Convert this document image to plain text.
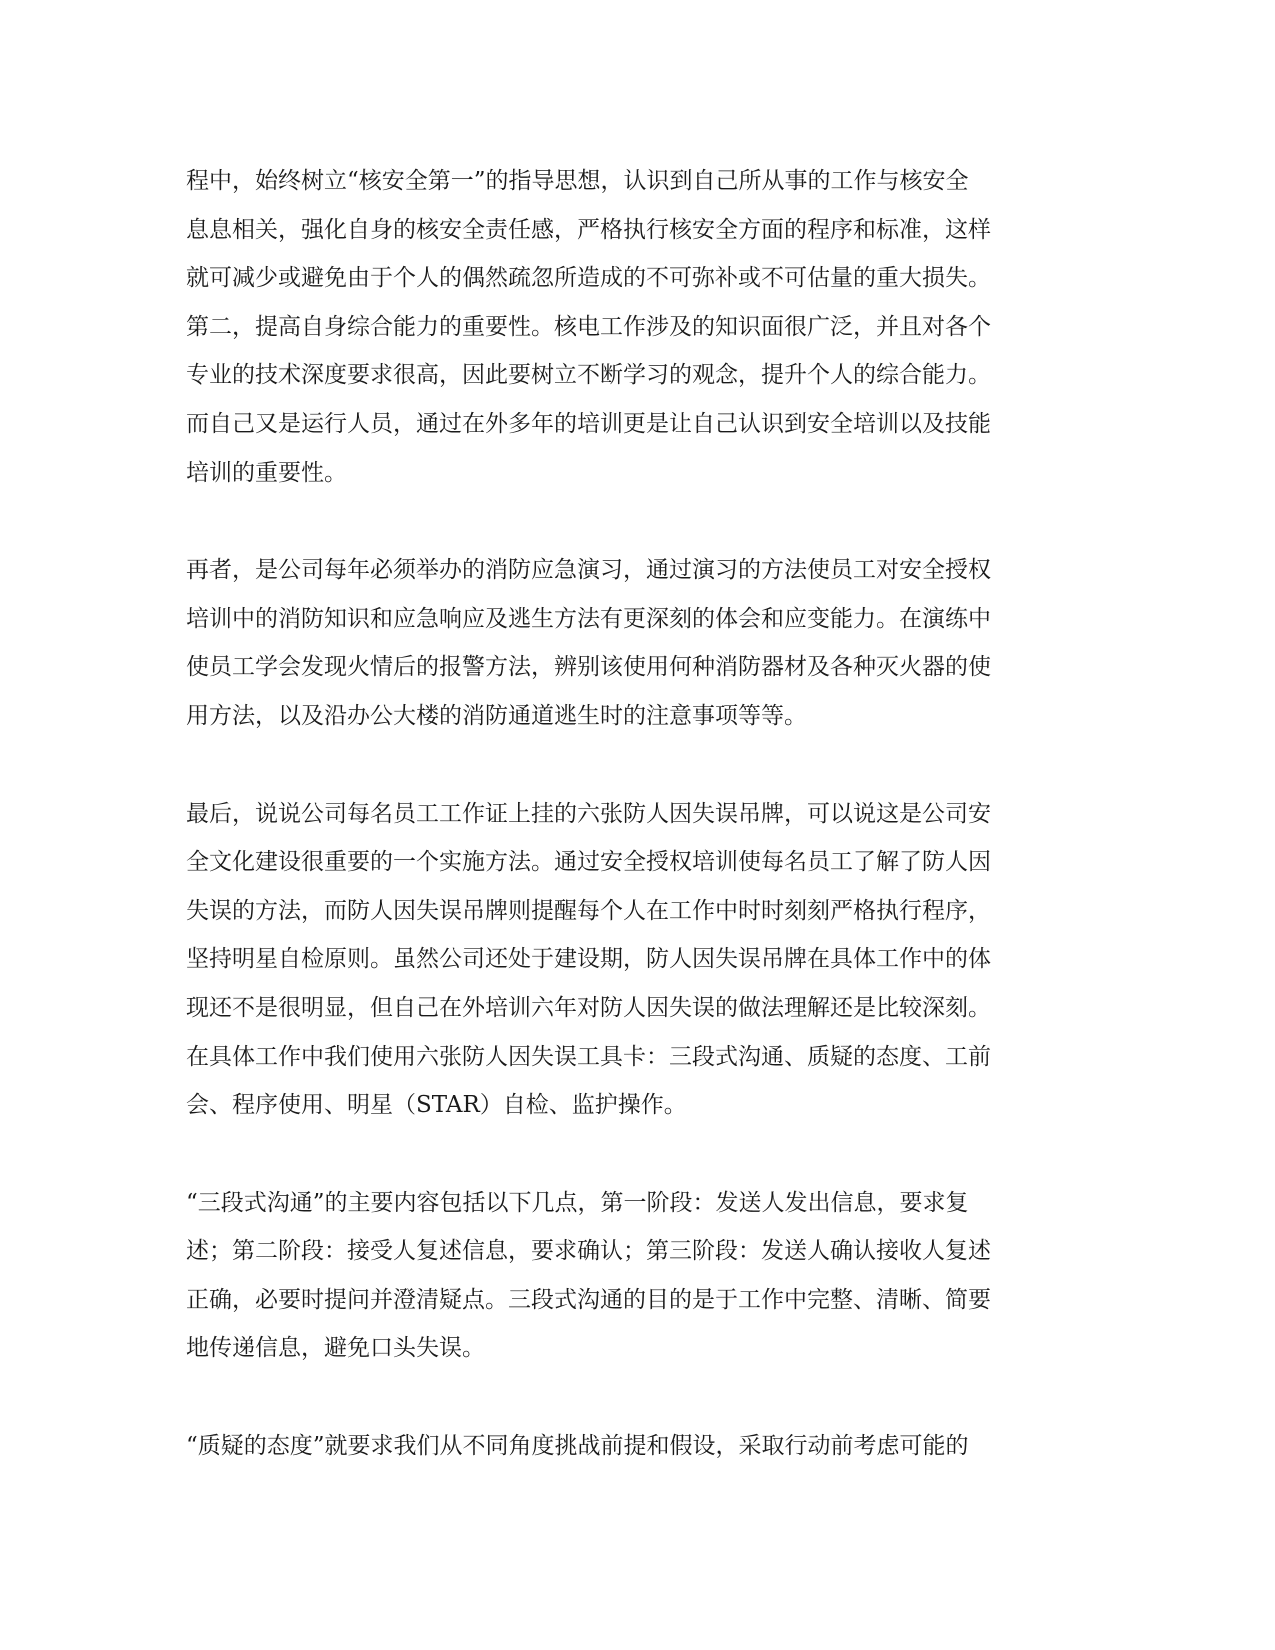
程中，始终树立“核安全第一”的指导思想，认识到自己所从事的工作与核安全
息息相关，强化自身的核安全责任感，严格执行核安全方面的程序和标准，这样
就可减少或避免由于个人的偶然疏忽所造成的不可弥补或不可估量的重大损失。
第二，提高自身综合能力的重要性。核电工作涉及的知识面很广泛，并且对各个
专业的技术深度要求很高，因此要树立不断学习的观念，提升个人的综合能力。
而自己又是运行人员，通过在外多年的培训更是让自己认识到安全培训以及技能
培训的重要性。
再者，是公司每年必须举办的消防应急演习，通过演习的方法使员工对安全授权
培训中的消防知识和应急响应及逃生方法有更深刻的体会和应变能力。在演练中
使员工学会发现火情后的报警方法，辨别该使用何种消防器材及各种灭火器的使
用方法，以及沿办公大楼的消防通道逃生时的注意事项等等。
最后，说说公司每名员工工作证上挂的六张防人因失误吊牌，可以说这是公司安
全文化建设很重要的一个实施方法。通过安全授权培训使每名员工了解了防人因
失误的方法，而防人因失误吊牌则提醒每个人在工作中时时刻刻严格执行程序，
坚持明星自检原则。虽然公司还处于建设期，防人因失误吊牌在具体工作中的体
现还不是很明显，但自己在外培训六年对防人因失误的做法理解还是比较深刻。
在具体工作中我们使用六张防人因失误工具卡：三段式沟通、质疑的态度、工前
会、程序使用、明星（STAR）自检、监护操作。
“三段式沟通”的主要内容包括以下几点，第一阶段：发送人发出信息，要求复
述；第二阶段：接受人复述信息，要求确认；第三阶段：发送人确认接收人复述
正确，必要时提问并澄清疑点。三段式沟通的目的是于工作中完整、清晰、简要
地传递信息，避免口头失误。
“质疑的态度”就要求我们从不同角度挑战前提和假设，采取行动前考虑可能的
